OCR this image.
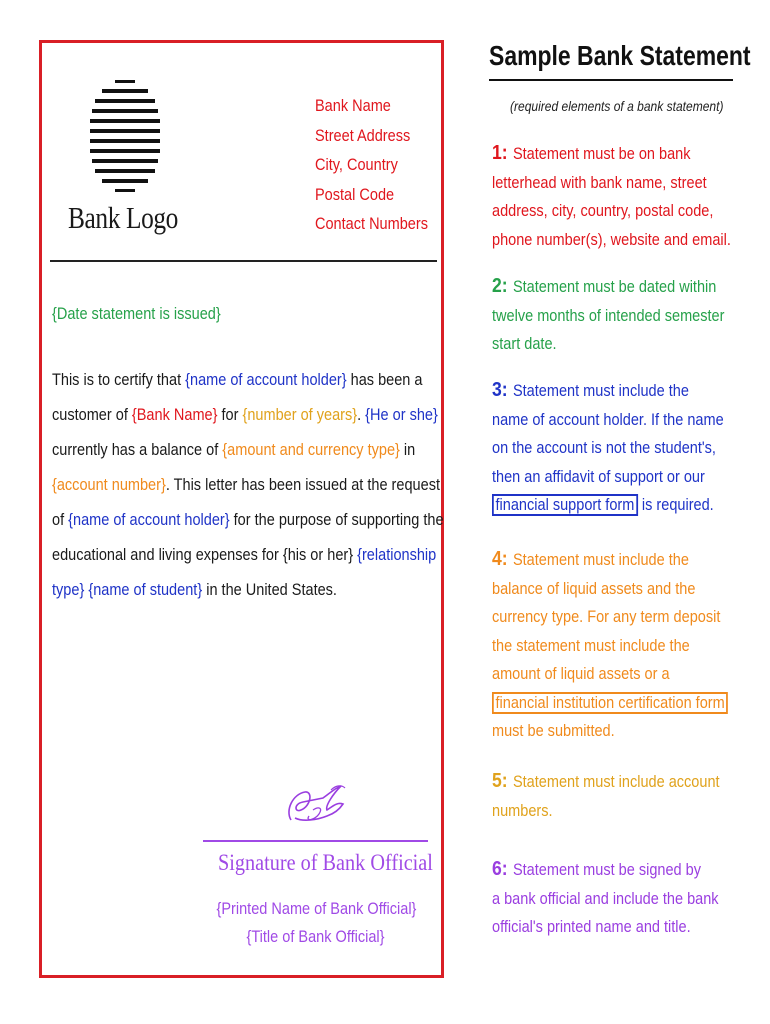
Bank Logo
Bank Name
Street Address
City, Country
Postal Code
Contact Numbers
{Date statement is issued}
This is to certify that {name of account holder} has been a
customer of {Bank Name} for {number of years}. {He or she}
currently has a balance of {amount and currency type} in
{account number}. This letter has been issued at the request
of {name of account holder} for the purpose of supporting the
educational and living expenses for {his or her} {relationship
type} {name of student} in the United States.
Signature of Bank Official
{Printed Name of Bank Official}
{Title of Bank Official}
Sample Bank Statement
(required elements of a bank statement)
1: Statement must be on bank
letterhead with bank name, street
address, city, country, postal code,
phone number(s), website and email.
2: Statement must be dated within
twelve months of intended semester
start date.
3: Statement must include the
name of account holder. If the name
on the account is not the student's,
then an affidavit of support or our
financial support form is required.
4: Statement must include the
balance of liquid assets and the
currency type. For any term deposit
the statement must include the
amount of liquid assets or a
financial institution certification form
must be submitted.
5: Statement must include account
numbers.
6: Statement must be signed by
a bank official and include the bank
official's printed name and title.
